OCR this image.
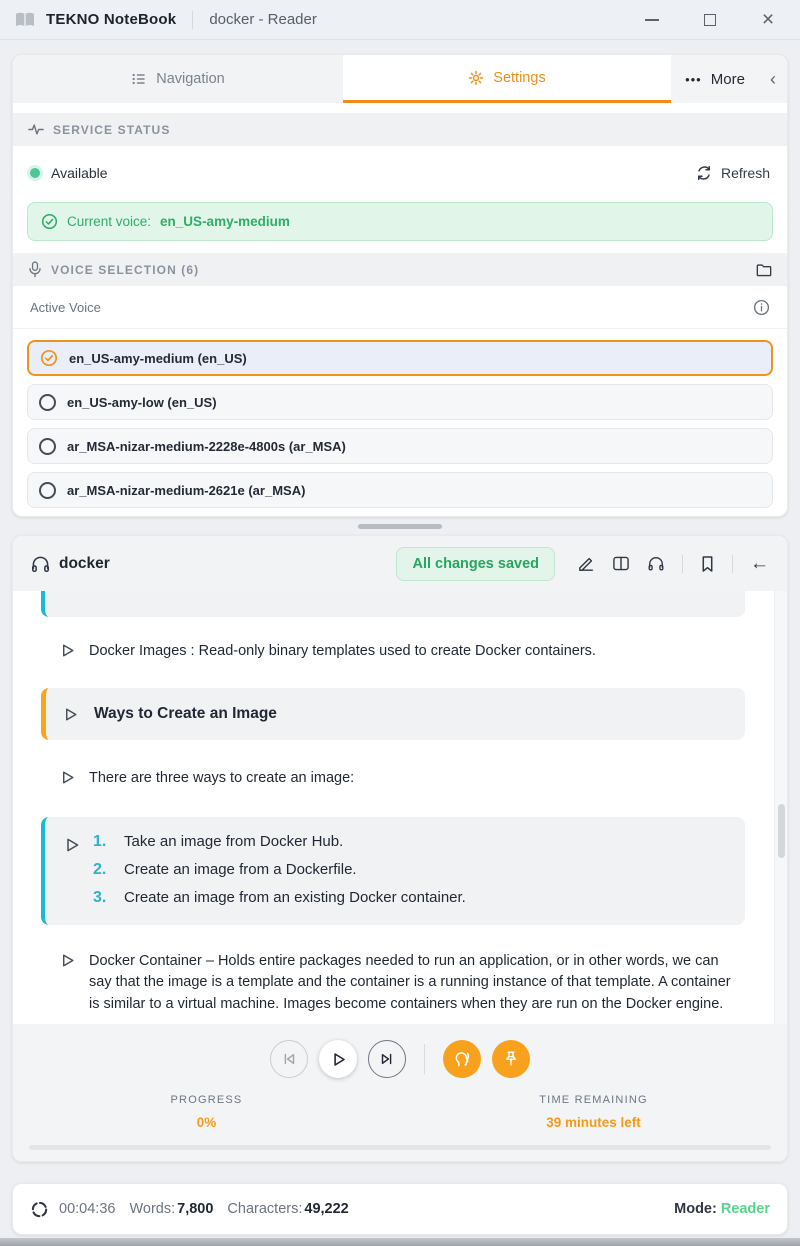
TEKNO NoteBook docker - Reader	×
Navigation	Settings	••• More ‹
SERVICE STATUS
Available	Refresh
Current voice: en_US-amy-medium
VOICE SELECTION (6)
Active Voice
en_US-amy-medium (en_US)
en_US-amy-low (en_US)
ar_MSA-nizar-medium-2228e-4800s (ar_MSA)
ar_MSA-nizar-medium-2621e (ar_MSA)
docker	All changes saved	←
Docker Images : Read-only binary templates used to create Docker containers.
Ways to Create an Image
There are three ways to create an image:
1.	Take an image from Docker Hub.
2.	Create an image from a Dockerfile.
3.	Create an image from an existing Docker container.
Docker Container – Holds entire packages needed to run an application, or in other words, we can say that the image is a template and the container is a running instance of that template. A container is similar to a virtual machine. Images become containers when they are run on the Docker engine.
PROGRESS
0%
TIME REMAINING
39 minutes left
00:04:36 Words: 7,800 Characters: 49,222	Mode: Reader
